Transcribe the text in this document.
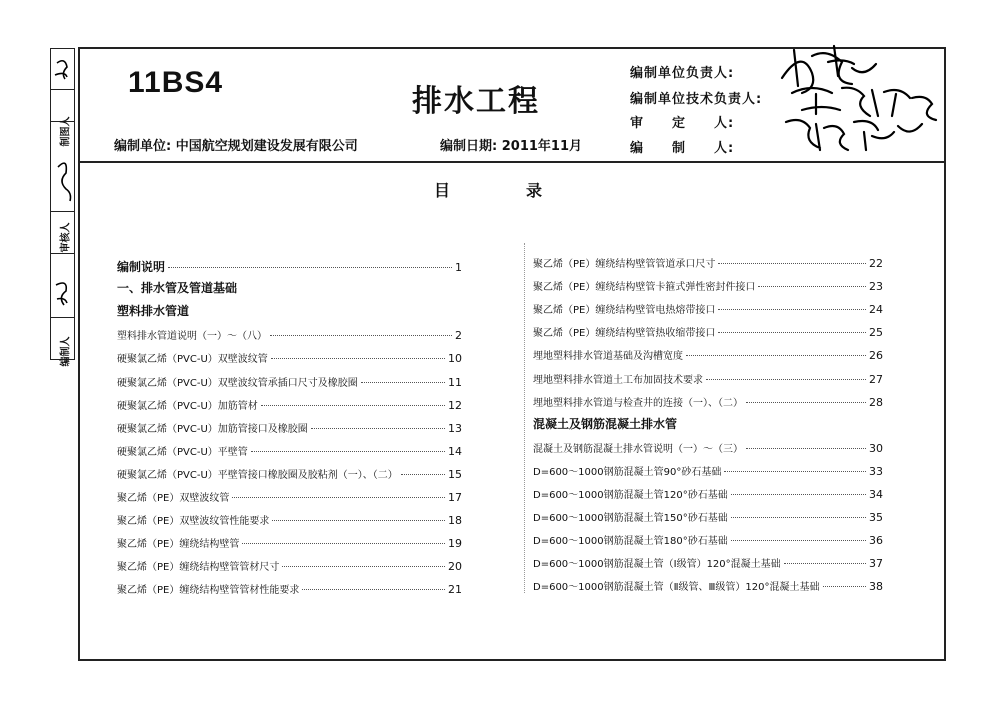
编制人
审核人
制图人
11BS4
排水工程
编制单位: 中国航空规划建设发展有限公司	编制日期: 2011年11月
编制单位负责人:
编制单位技术负责人:
审　　定　　人:
编　　制　　人:
目	录
编制说明	1
一、排水管及管道基础
塑料排水管道
塑料排水管道说明（一）～（八）	2
硬聚氯乙烯（PVC-U）双壁波纹管	10
硬聚氯乙烯（PVC-U）双壁波纹管承插口尺寸及橡胶圈	11
硬聚氯乙烯（PVC-U）加筋管材	12
硬聚氯乙烯（PVC-U）加筋管接口及橡胶圈	13
硬聚氯乙烯（PVC-U）平壁管	14
硬聚氯乙烯（PVC-U）平壁管接口橡胶圈及胶粘剂（一）、（二）	15
聚乙烯（PE）双壁波纹管	17
聚乙烯（PE）双壁波纹管性能要求	18
聚乙烯（PE）缠绕结构壁管	19
聚乙烯（PE）缠绕结构壁管管材尺寸	20
聚乙烯（PE）缠绕结构壁管管材性能要求	21
聚乙烯（PE）缠绕结构壁管管道承口尺寸	22
聚乙烯（PE）缠绕结构壁管卡箍式弹性密封件接口	23
聚乙烯（PE）缠绕结构壁管电热熔带接口	24
聚乙烯（PE）缠绕结构壁管热收缩带接口	25
埋地塑料排水管道基础及沟槽宽度	26
埋地塑料排水管道土工布加固技术要求	27
埋地塑料排水管道与检查井的连接（一）、（二）	28
混凝土及钢筋混凝土排水管
混凝土及钢筋混凝土排水管说明（一）～（三）	30
D=600～1000钢筋混凝土管90°砂石基础	33
D=600～1000钢筋混凝土管120°砂石基础	34
D=600～1000钢筋混凝土管150°砂石基础	35
D=600～1000钢筋混凝土管180°砂石基础	36
D=600～1000钢筋混凝土管（Ⅰ级管）120°混凝土基础	37
D=600～1000钢筋混凝土管（Ⅱ级管、Ⅲ级管）120°混凝土基础	38
